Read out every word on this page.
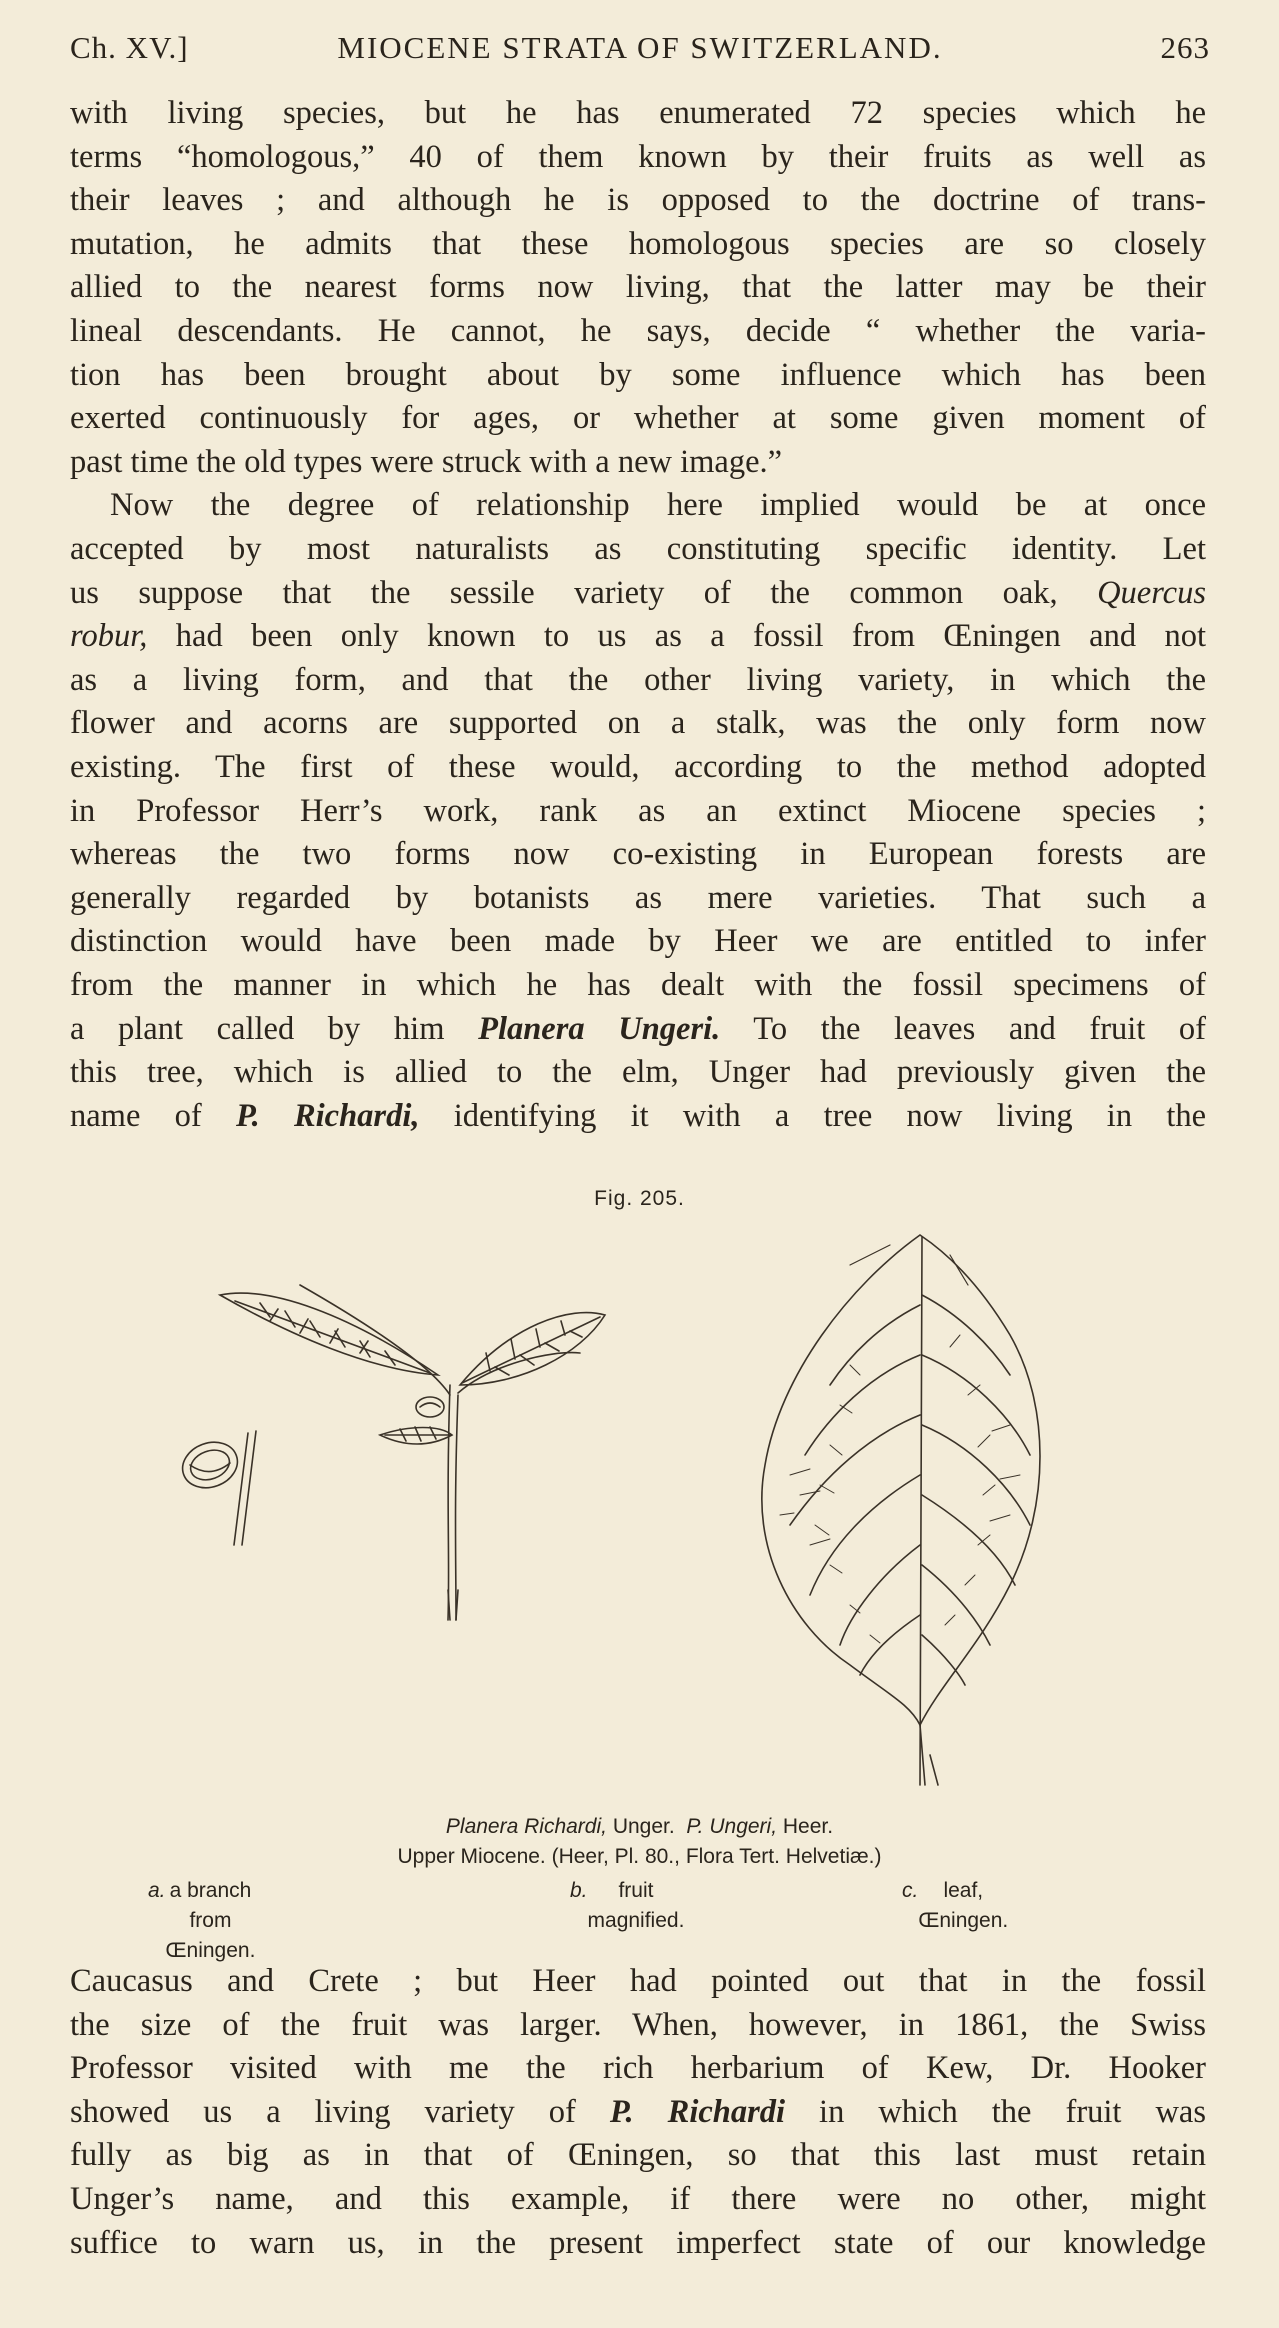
Ch. XV.]	MIOCENE STRATA OF SWITZERLAND.	263
with living species, but he has enumerated 72 species which he
terms “homologous,” 40 of them known by their fruits as well as
their leaves ; and although he is opposed to the doctrine of trans-
mutation, he admits that these homologous species are so closely
allied to the nearest forms now living, that the latter may be their
lineal descendants. He cannot, he says, decide “ whether the varia-
tion has been brought about by some influence which has been
exerted continuously for ages, or whether at some given moment of
past time the old types were struck with a new image.”
Now the degree of relationship here implied would be at once
accepted by most naturalists as constituting specific identity. Let
us suppose that the sessile variety of the common oak, Quercus
robur, had been only known to us as a fossil from Œningen and not
as a living form, and that the other living variety, in which the
flower and acorns are supported on a stalk, was the only form now
existing. The first of these would, according to the method adopted
in Professor Herr’s work, rank as an extinct Miocene species ;
whereas the two forms now co-existing in European forests are
generally regarded by botanists as mere varieties. That such a
distinction would have been made by Heer we are entitled to infer
from the manner in which he has dealt with the fossil specimens of
a plant called by him Planera Ungeri. To the leaves and fruit of
this tree, which is allied to the elm, Unger had previously given the
name of P. Richardi, identifying it with a tree now living in the
Fig. 205.
Planera Richardi, Unger. P. Ungeri, Heer.
Upper Miocene. (Heer, Pl. 80., Flora Tert. Helvetiæ.)
a. a branch from Œningen.
b.	fruit magnified.
c.	leaf, Œningen.
Caucasus and Crete ; but Heer had pointed out that in the fossil
the size of the fruit was larger. When, however, in 1861, the Swiss
Professor visited with me the rich herbarium of Kew, Dr. Hooker
showed us a living variety of P. Richardi in which the fruit was
fully as big as in that of Œningen, so that this last must retain
Unger’s name, and this example, if there were no other, might
suffice to warn us, in the present imperfect state of our knowledge
